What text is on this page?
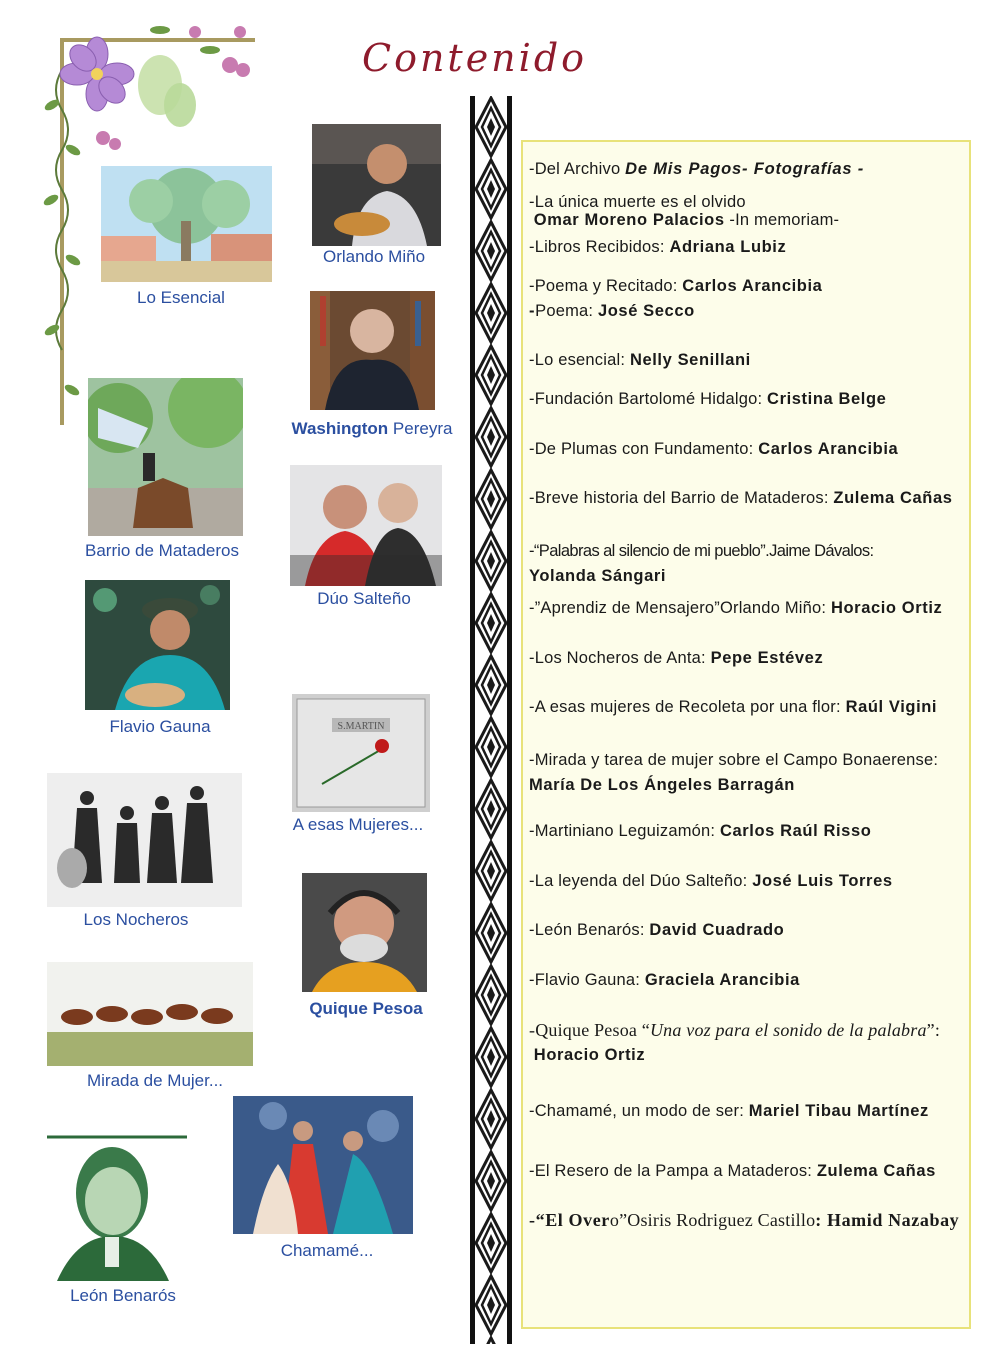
Contenido
Lo Esencial
Orlando Miño
Washington Pereyra
Barrio de Mataderos
Dúo Salteño
Flavio Gauna	S.MARTIN
A esas Mujeres...
Los Nocheros
Quique Pesoa
Mirada de Mujer...
Chamamé...
León Benarós
-Del Archivo De Mis Pagos- Fotografías -
-La única muerte es el olvido
Omar Moreno Palacios -In memoriam-
-Libros Recibidos: Adriana Lubiz
-Poema y Recitado: Carlos Arancibia
-Poema: José Secco
-Lo esencial: Nelly Senillani
-Fundación Bartolomé Hidalgo: Cristina Belge
-De Plumas con Fundamento: Carlos Arancibia
-Breve historia del Barrio de Mataderos: Zulema Cañas
-“Palabras al silencio de mi pueblo”.Jaime Dávalos:
Yolanda Sángari
-”Aprendiz de Mensajero”Orlando Miño: Horacio Ortiz
-Los Nocheros de Anta: Pepe Estévez
-A esas mujeres de Recoleta por una flor: Raúl Vigini
-Mirada y tarea de mujer sobre el Campo Bonaerense:
María De Los Ángeles Barragán
-Martiniano Leguizamón: Carlos Raúl Risso
-La leyenda del Dúo Salteño: José Luis Torres
-León Benarós: David Cuadrado
-Flavio Gauna: Graciela Arancibia
-Quique Pesoa “Una voz para el sonido de la palabra”:
Horacio Ortiz
-Chamamé, un modo de ser: Mariel Tibau Martínez
-El Resero de la Pampa a Mataderos: Zulema Cañas
-“El Overo”Osiris Rodriguez Castillo: Hamid Nazabay
